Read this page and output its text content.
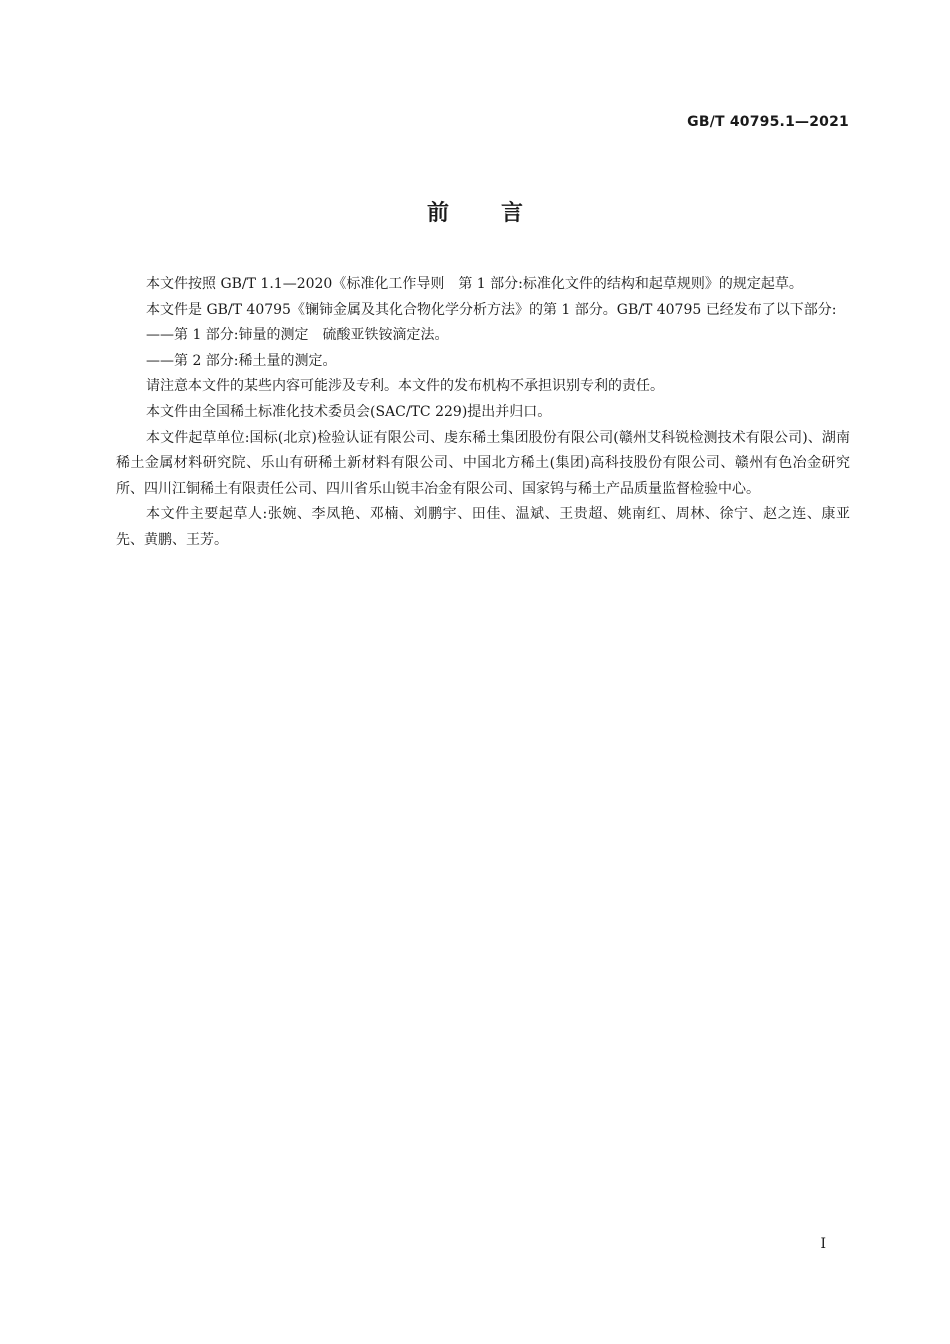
GB/T 40795.1—2021
前 言

本文件按照 GB/T 1.1—2020《标准化工作导则　第 1 部分:标准化文件的结构和起草规则》的规定起草。

本文件是 GB/T 40795《镧铈金属及其化合物化学分析方法》的第 1 部分。GB/T 40795 已经发布了以下部分:

——第 1 部分:铈量的测定　硫酸亚铁铵滴定法。

——第 2 部分:稀土量的测定。

请注意本文件的某些内容可能涉及专利。本文件的发布机构不承担识别专利的责任。

本文件由全国稀土标准化技术委员会(SAC/TC 229)提出并归口。

本文件起草单位:国标(北京)检验认证有限公司、虔东稀土集团股份有限公司(赣州艾科锐检测技术有限公司)、湖南稀土金属材料研究院、乐山有研稀土新材料有限公司、中国北方稀土(集团)高科技股份有限公司、赣州有色冶金研究所、四川江铜稀土有限责任公司、四川省乐山锐丰冶金有限公司、国家钨与稀土产品质量监督检验中心。

本文件主要起草人:张婉、李凤艳、邓楠、刘鹏宇、田佳、温斌、王贵超、姚南红、周林、徐宁、赵之连、康亚先、黄鹏、王芳。

I
